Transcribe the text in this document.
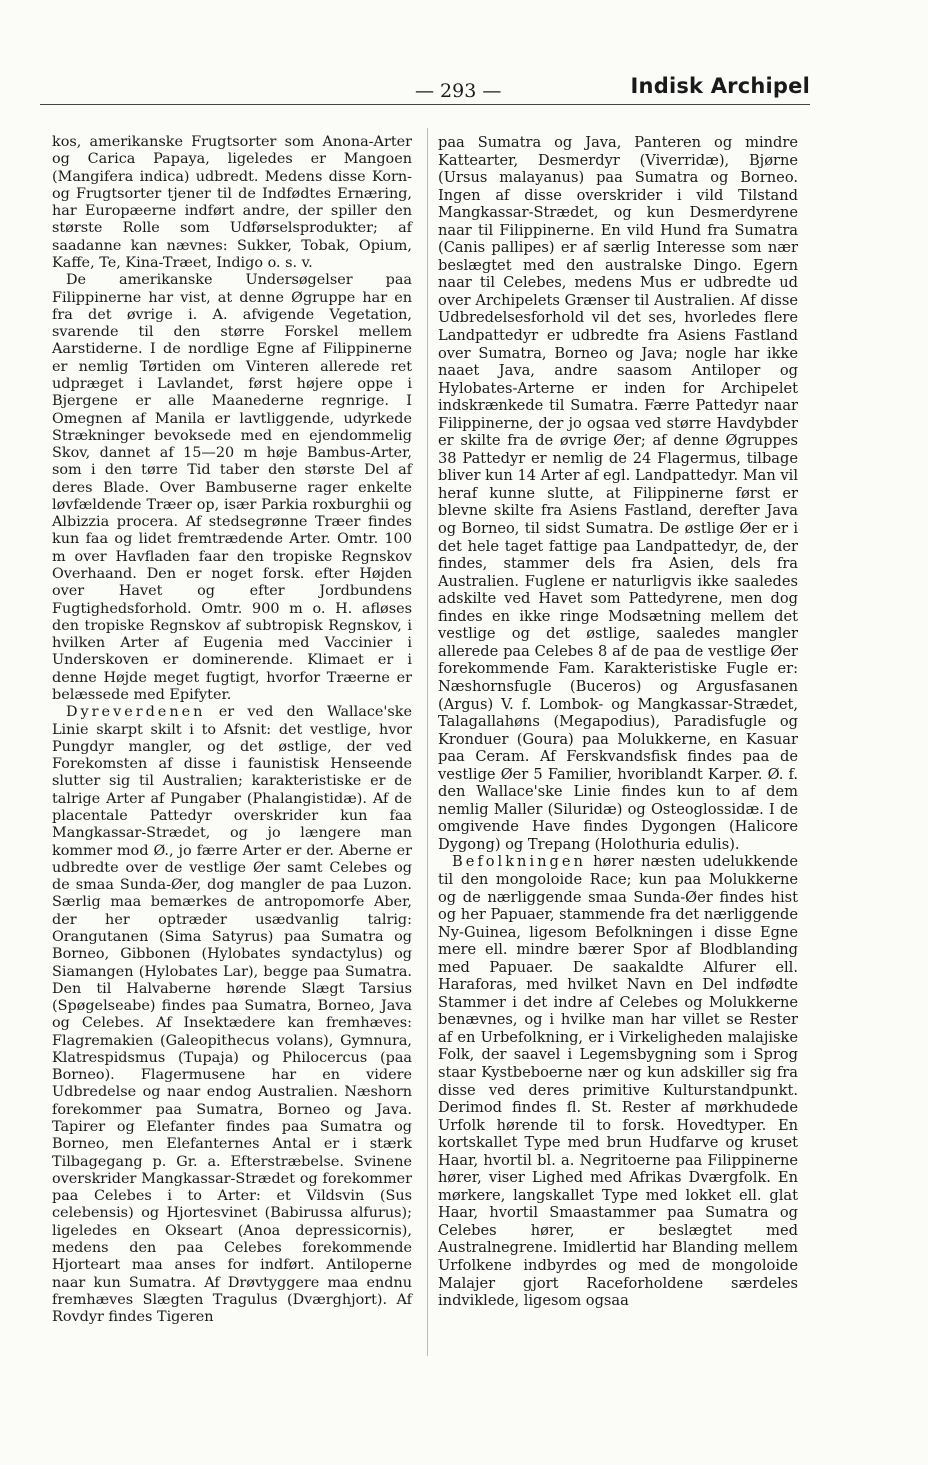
— 293 —	Indisk Archipel

kos, amerikanske Frugtsorter som Anona-Arter og Carica Papaya, ligeledes er Mangoen (Mangifera indica) udbredt. Medens disse Korn- og Frugtsorter tjener til de Indfødtes Ernæring, har Europæerne indført andre, der spiller den største Rolle som Udførselsprodukter; af saadanne kan nævnes: Sukker, Tobak, Opium, Kaffe, Te, Kina-Træet, Indigo o. s. v.

De amerikanske Undersøgelser paa Filippinerne har vist, at denne Øgruppe har en fra det øvrige i. A. afvigende Vegetation, svarende til den større Forskel mellem Aarstiderne. I de nordlige Egne af Filippinerne er nemlig Tørtiden om Vinteren allerede ret udpræget i Lavlandet, først højere oppe i Bjergene er alle Maanederne regnrige. I Omegnen af Manila er lavtliggende, udyrkede Strækninger bevoksede med en ejendommelig Skov, dannet af 15—20 m høje Bambus-Arter, som i den tørre Tid taber den største Del af deres Blade. Over Bambuserne rager enkelte løvfældende Træer op, især Parkia roxburghii og Albizzia procera. Af stedsegrønne Træer findes kun faa og lidet fremtrædende Arter. Omtr. 100 m over Havfladen faar den tropiske Regnskov Overhaand. Den er noget forsk. efter Højden over Havet og efter Jordbundens Fugtighedsforhold. Omtr. 900 m o. H. afløses den tropiske Regnskov af subtropisk Regnskov, i hvilken Arter af Eugenia med Vaccinier i Underskoven er dominerende. Klimaet er i denne Højde meget fugtigt, hvorfor Træerne er belæssede med Epifyter.

Dyreverdenen er ved den Wallace'ske Linie skarpt skilt i to Afsnit: det vestlige, hvor Pungdyr mangler, og det østlige, der ved Forekomsten af disse i faunistisk Henseende slutter sig til Australien; karakteristiske er de talrige Arter af Pungaber (Phalangistidæ). Af de placentale Pattedyr overskrider kun faa Mangkassar-Strædet, og jo længere man kommer mod Ø., jo færre Arter er der. Aberne er udbredte over de vestlige Øer samt Celebes og de smaa Sunda-Øer, dog mangler de paa Luzon. Særlig maa bemærkes de antropomorfe Aber, der her optræder usædvanlig talrig: Orangutanen (Sima Satyrus) paa Sumatra og Borneo, Gibbonen (Hylobates syndactylus) og Siamangen (Hylobates Lar), begge paa Sumatra. Den til Halvaberne hørende Slægt Tarsius (Spøgelseabe) findes paa Sumatra, Borneo, Java og Celebes. Af Insektædere kan fremhæves: Flagremakien (Galeopithecus volans), Gymnura, Klatrespidsmus (Tupaja) og Philocercus (paa Borneo). Flagermusene har en videre Udbredelse og naar endog Australien. Næshorn forekommer paa Sumatra, Borneo og Java. Tapirer og Elefanter findes paa Sumatra og Borneo, men Elefanternes Antal er i stærk Tilbagegang p. Gr. a. Efterstræbelse. Svinene overskrider Mangkassar-Strædet og forekommer paa Celebes i to Arter: et Vildsvin (Sus celebensis) og Hjortesvinet (Babirussa alfurus); ligeledes en Okseart (Anoa depressicornis), medens den paa Celebes forekommende Hjorteart maa anses for indført. Antiloperne naar kun Sumatra. Af Drøvtyggere maa endnu fremhæves Slægten Tragulus (Dværghjort). Af Rovdyr findes Tigeren

paa Sumatra og Java, Panteren og mindre Kattearter, Desmerdyr (Viverridæ), Bjørne (Ursus malayanus) paa Sumatra og Borneo. Ingen af disse overskrider i vild Tilstand Mangkassar-Strædet, og kun Desmerdyrene naar til Filippinerne. En vild Hund fra Sumatra (Canis pallipes) er af særlig Interesse som nær beslægtet med den australske Dingo. Egern naar til Celebes, medens Mus er udbredte ud over Archipelets Grænser til Australien. Af disse Udbredelsesforhold vil det ses, hvorledes flere Landpattedyr er udbredte fra Asiens Fastland over Sumatra, Borneo og Java; nogle har ikke naaet Java, andre saasom Antiloper og Hylobates-Arterne er inden for Archipelet indskrænkede til Sumatra. Færre Pattedyr naar Filippinerne, der jo ogsaa ved større Havdybder er skilte fra de øvrige Øer; af denne Øgruppes 38 Pattedyr er nemlig de 24 Flagermus, tilbage bliver kun 14 Arter af egl. Landpattedyr. Man vil heraf kunne slutte, at Filippinerne først er blevne skilte fra Asiens Fastland, derefter Java og Borneo, til sidst Sumatra. De østlige Øer er i det hele taget fattige paa Landpattedyr, de, der findes, stammer dels fra Asien, dels fra Australien. Fuglene er naturligvis ikke saaledes adskilte ved Havet som Pattedyrene, men dog findes en ikke ringe Modsætning mellem det vestlige og det østlige, saaledes mangler allerede paa Celebes 8 af de paa de vestlige Øer forekommende Fam. Karakteristiske Fugle er: Næshornsfugle (Buceros) og Argusfasanen (Argus) V. f. Lombok- og Mangkassar-Strædet, Talagallahøns (Megapodius), Paradisfugle og Kronduer (Goura) paa Molukkerne, en Kasuar paa Ceram. Af Ferskvandsfisk findes paa de vestlige Øer 5 Familier, hvoriblandt Karper. Ø. f. den Wallace'ske Linie findes kun to af dem nemlig Maller (Siluridæ) og Osteoglossidæ. I de omgivende Have findes Dygongen (Halicore Dygong) og Trepang (Holothuria edulis).

Befolkningen hører næsten udelukkende til den mongoloide Race; kun paa Molukkerne og de nærliggende smaa Sunda-Øer findes hist og her Papuaer, stammende fra det nærliggende Ny-Guinea, ligesom Befolkningen i disse Egne mere ell. mindre bærer Spor af Blodblanding med Papuaer. De saakaldte Alfurer ell. Haraforas, med hvilket Navn en Del indfødte Stammer i det indre af Celebes og Molukkerne benævnes, og i hvilke man har villet se Rester af en Urbefolkning, er i Virkeligheden malajiske Folk, der saavel i Legemsbygning som i Sprog staar Kystbeboerne nær og kun adskiller sig fra disse ved deres primitive Kulturstandpunkt. Derimod findes fl. St. Rester af mørkhudede Urfolk hørende til to forsk. Hovedtyper. En kortskallet Type med brun Hudfarve og kruset Haar, hvortil bl. a. Negritoerne paa Filippinerne hører, viser Lighed med Afrikas Dværgfolk. En mørkere, langskallet Type med lokket ell. glat Haar, hvortil Smaastammer paa Sumatra og Celebes hører, er beslægtet med Australnegrene. Imidlertid har Blanding mellem Urfolkene indbyrdes og med de mongoloide Malajer gjort Raceforholdene særdeles indviklede, ligesom ogsaa
